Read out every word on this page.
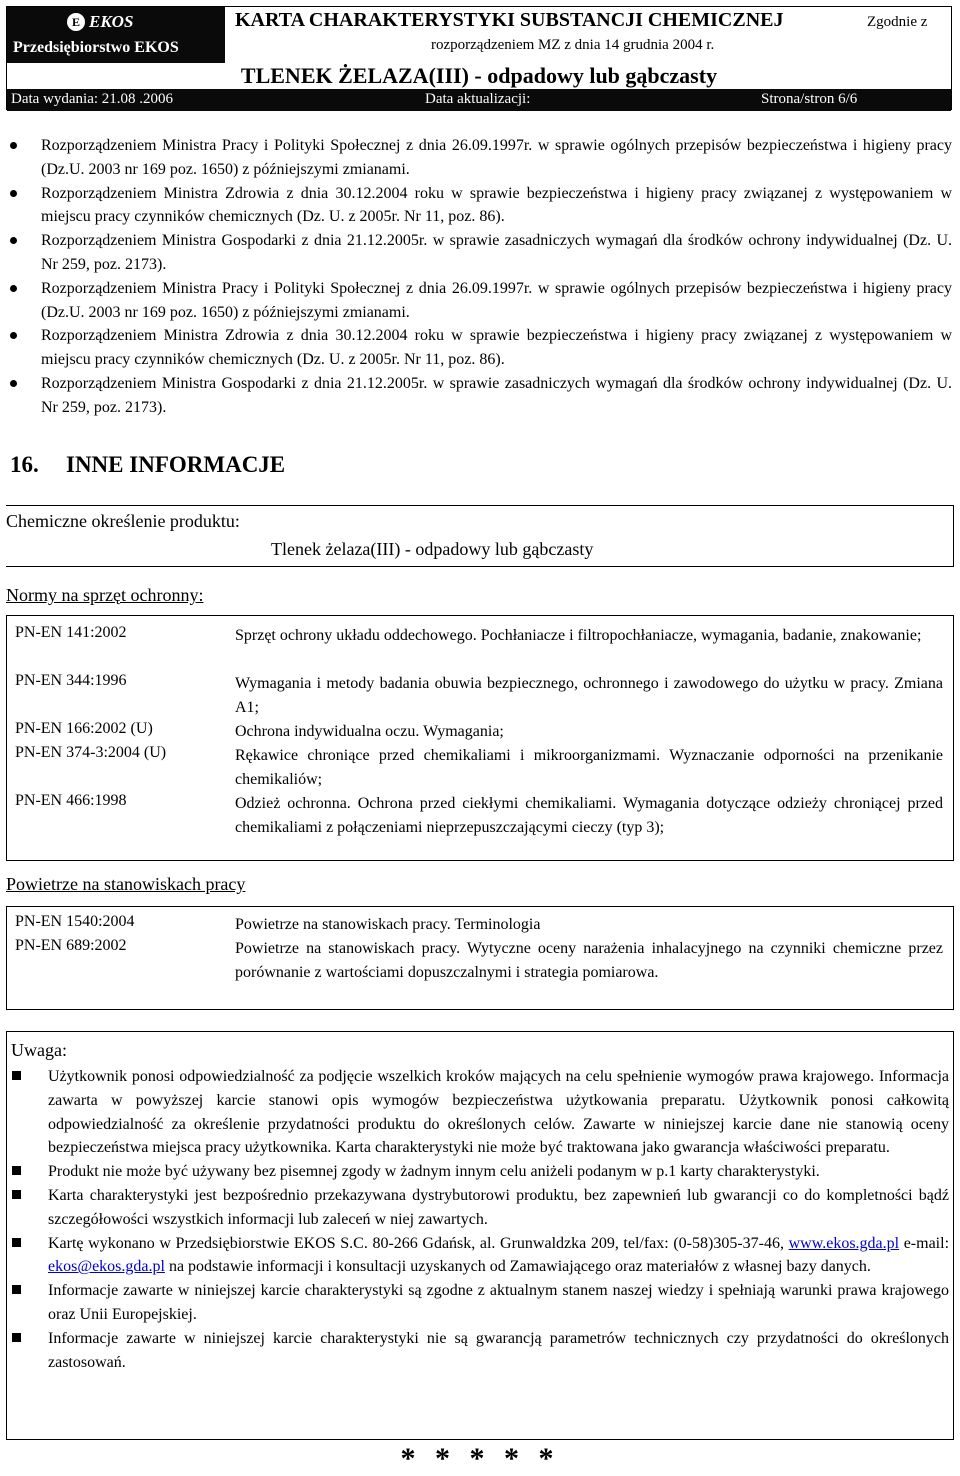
E EKOS
Przedsiębiorstwo EKOS
KARTA CHARAKTERYSTYKI SUBSTANCJI CHEMICZNEJ	Zgodnie z
rozporządzeniem MZ z dnia 14 grudnia 2004 r.
TLENEK ŻELAZA(III) - odpadowy lub gąbczasty
Data wydania: 21.08 .2006	Data aktualizacji:	Strona/stron 6/6
Rozporządzeniem Ministra Pracy i Polityki Społecznej z dnia 26.09.1997r. w sprawie ogólnych przepisów bezpieczeństwa i higieny pracy (Dz.U. 2003 nr 169 poz. 1650) z późniejszymi zmianami.
Rozporządzeniem Ministra Zdrowia z dnia 30.12.2004 roku w sprawie bezpieczeństwa i higieny pracy związanej z występowaniem w miejscu pracy czynników chemicznych (Dz. U. z 2005r. Nr 11, poz. 86).
Rozporządzeniem Ministra Gospodarki z dnia 21.12.2005r. w sprawie zasadniczych wymagań dla środków ochrony indywidualnej (Dz. U. Nr 259, poz. 2173).
Rozporządzeniem Ministra Pracy i Polityki Społecznej z dnia 26.09.1997r. w sprawie ogólnych przepisów bezpieczeństwa i higieny pracy (Dz.U. 2003 nr 169 poz. 1650) z późniejszymi zmianami.
Rozporządzeniem Ministra Zdrowia z dnia 30.12.2004 roku w sprawie bezpieczeństwa i higieny pracy związanej z występowaniem w miejscu pracy czynników chemicznych (Dz. U. z 2005r. Nr 11, poz. 86).
Rozporządzeniem Ministra Gospodarki z dnia 21.12.2005r. w sprawie zasadniczych wymagań dla środków ochrony indywidualnej (Dz. U. Nr 259, poz. 2173).
16. INNE INFORMACJE
Chemiczne określenie produktu:
Tlenek żelaza(III) - odpadowy lub gąbczasty
Normy na sprzęt ochronny:
PN-EN 141:2002	Sprzęt ochrony układu oddechowego. Pochłaniacze i filtropochłaniacze, wymagania, badanie, znakowanie;
PN-EN 344:1996	Wymagania i metody badania obuwia bezpiecznego, ochronnego i zawodowego do użytku w pracy. Zmiana A1;
PN-EN 166:2002 (U)	Ochrona indywidualna oczu. Wymagania;
PN-EN 374-3:2004 (U)	Rękawice chroniące przed chemikaliami i mikroorganizmami. Wyznaczanie odporności na przenikanie chemikaliów;
PN-EN 466:1998	Odzież ochronna. Ochrona przed ciekłymi chemikaliami. Wymagania dotyczące odzieży chroniącej przed chemikaliami z połączeniami nieprzepuszczającymi cieczy (typ 3);
Powietrze na stanowiskach pracy
PN-EN 1540:2004	Powietrze na stanowiskach pracy. Terminologia
PN-EN 689:2002	Powietrze na stanowiskach pracy. Wytyczne oceny narażenia inhalacyjnego na czynniki chemiczne przez porównanie z wartościami dopuszczalnymi i strategia pomiarowa.
Uwaga:
Użytkownik ponosi odpowiedzialność za podjęcie wszelkich kroków mających na celu spełnienie wymogów prawa krajowego. Informacja zawarta w powyższej karcie stanowi opis wymogów bezpieczeństwa użytkowania preparatu. Użytkownik ponosi całkowitą odpowiedzialność za określenie przydatności produktu do określonych celów. Zawarte w niniejszej karcie dane nie stanowią oceny bezpieczeństwa miejsca pracy użytkownika. Karta charakterystyki nie może być traktowana jako gwarancja właściwości preparatu.
Produkt nie może być używany bez pisemnej zgody w żadnym innym celu aniżeli podanym w p.1 karty charakterystyki.
Karta charakterystyki jest bezpośrednio przekazywana dystrybutorowi produktu, bez zapewnień lub gwarancji co do kompletności bądź szczegółowości wszystkich informacji lub zaleceń w niej zawartych.
Kartę wykonano w Przedsiębiorstwie EKOS S.C. 80-266 Gdańsk, al. Grunwaldzka 209, tel/fax: (0-58)305-37-46, www.ekos.gda.pl e-mail: ekos@ekos.gda.pl na podstawie informacji i konsultacji uzyskanych od Zamawiającego oraz materiałów z własnej bazy danych.
Informacje zawarte w niniejszej karcie charakterystyki są zgodne z aktualnym stanem naszej wiedzy i spełniają warunki prawa krajowego oraz Unii Europejskiej.
Informacje zawarte w niniejszej karcie charakterystyki nie są gwarancją parametrów technicznych czy przydatności do określonych zastosowań.
* * * * *
